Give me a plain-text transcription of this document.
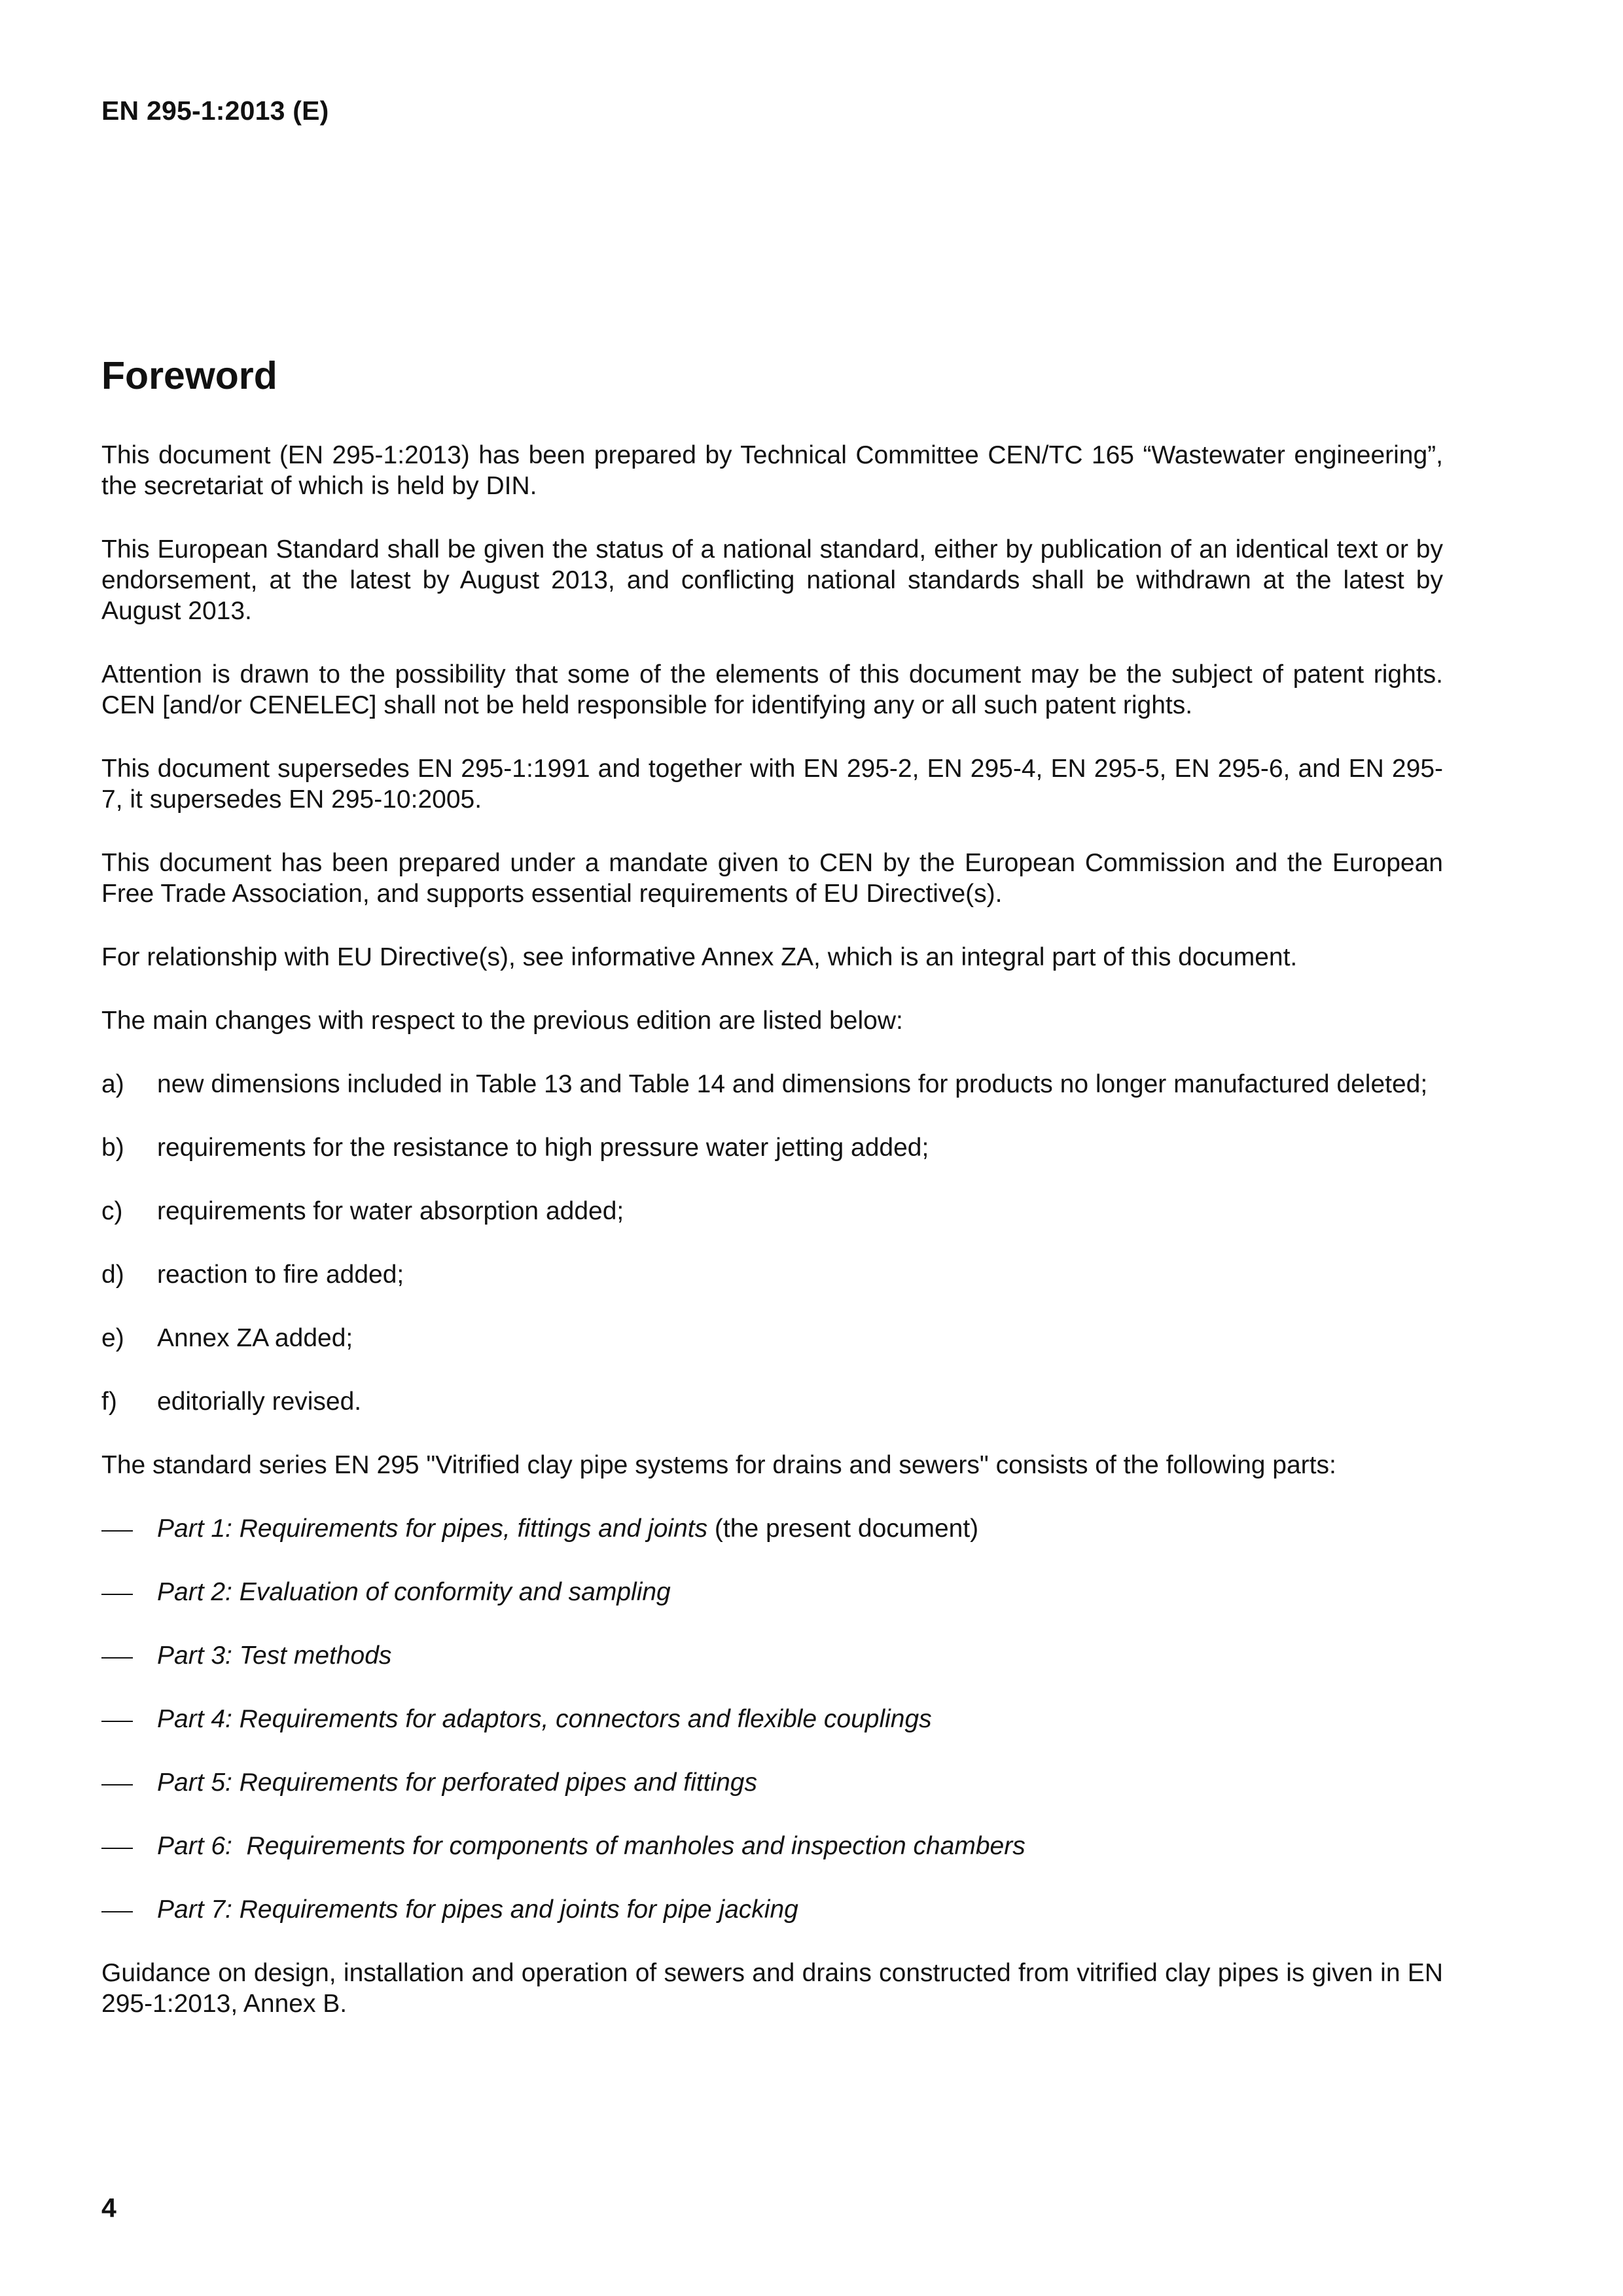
EN 295-1:2013 (E)
Foreword

This document (EN 295-1:2013) has been prepared by Technical Committee CEN/TC 165 “Wastewater engineering”, the secretariat of which is held by DIN.

This European Standard shall be given the status of a national standard, either by publication of an identical text or by endorsement, at the latest by August 2013, and conflicting national standards shall be withdrawn at the latest by August 2013.

Attention is drawn to the possibility that some of the elements of this document may be the subject of patent rights. CEN [and/or CENELEC] shall not be held responsible for identifying any or all such patent rights.

This document supersedes EN 295-1:1991 and together with EN 295-2, EN 295-4, EN 295-5, EN 295-6, and EN 295-7, it supersedes EN 295-10:2005.

This document has been prepared under a mandate given to CEN by the European Commission and the European Free Trade Association, and supports essential requirements of EU Directive(s).

For relationship with EU Directive(s), see informative Annex ZA, which is an integral part of this document.

The main changes with respect to the previous edition are listed below:

a)	new dimensions included in Table 13 and Table 14 and dimensions for products no longer manufactured deleted;
b)	requirements for the resistance to high pressure water jetting added;
c)	requirements for water absorption added;
d)	reaction to fire added;
e)	Annex ZA added;
f)	editorially revised.

The standard series EN 295 "Vitrified clay pipe systems for drains and sewers" consists of the following parts:

Part 1: Requirements for pipes, fittings and joints (the present document)
Part 2: Evaluation of conformity and sampling
Part 3: Test methods
Part 4: Requirements for adaptors, connectors and flexible couplings
Part 5: Requirements for perforated pipes and fittings
Part 6:  Requirements for components of manholes and inspection chambers
Part 7: Requirements for pipes and joints for pipe jacking

Guidance on design, installation and operation of sewers and drains constructed from vitrified clay pipes is given in EN 295-1:2013, Annex B.

4
